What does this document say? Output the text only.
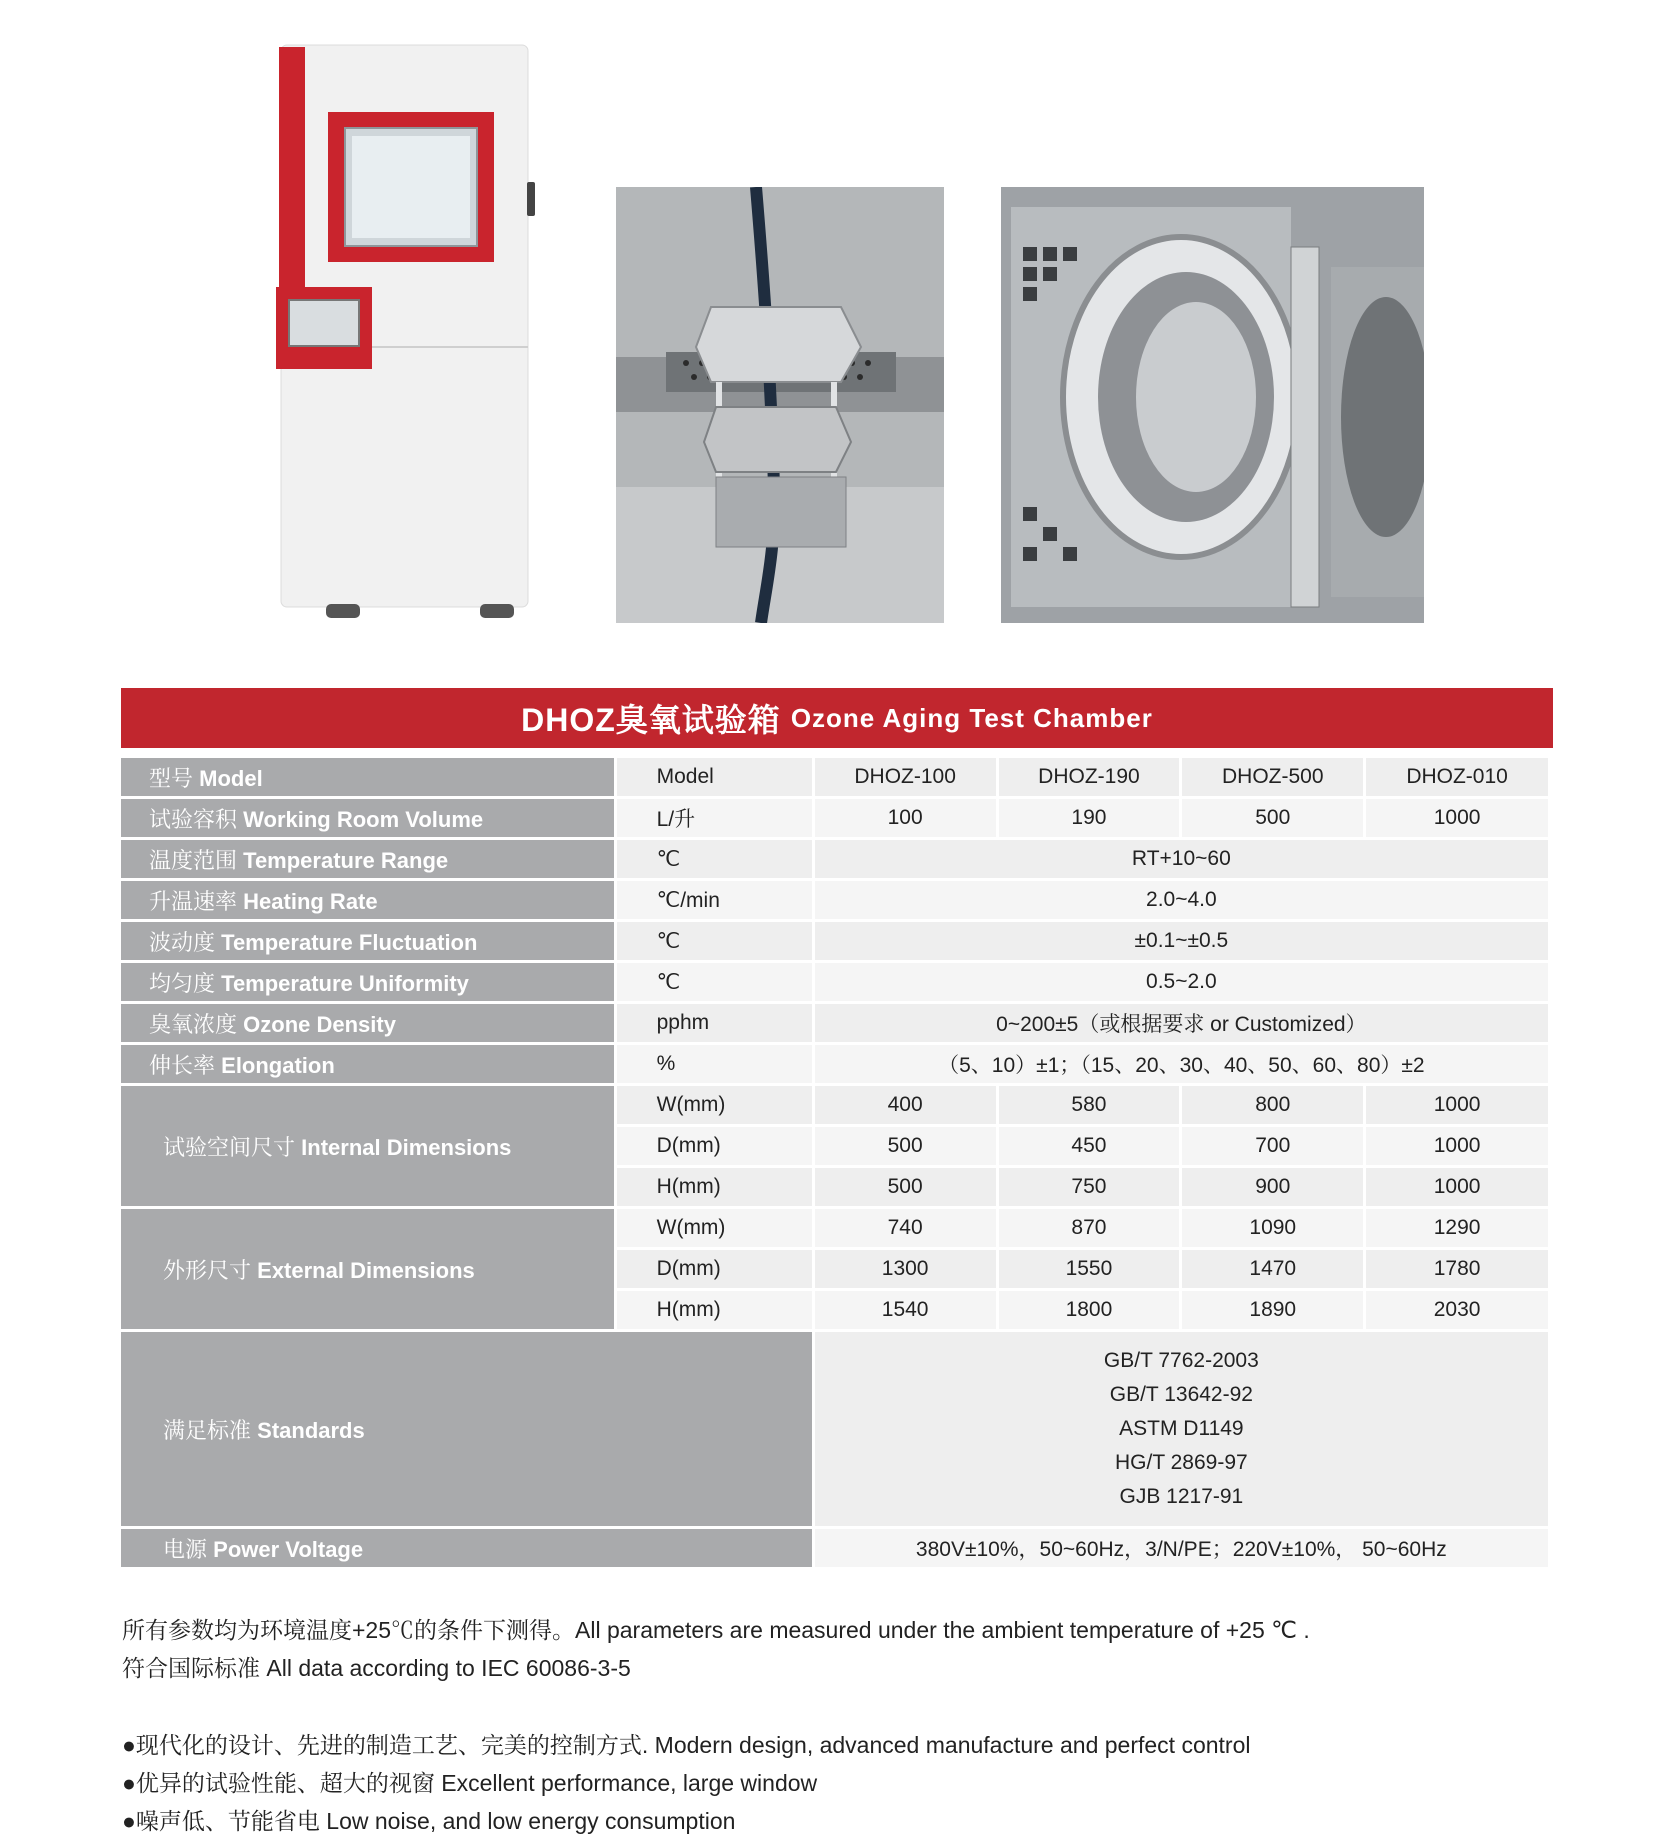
DHOZ臭氧试验箱 Ozone Aging Test Chamber
型号 Model	Model	DHOZ-100	DHOZ-190	DHOZ-500	DHOZ-010
试验容积 Working Room Volume	L/升	100	190	500	1000
温度范围 Temperature Range	℃	RT+10~60			
升温速率 Heating Rate	℃/min	2.0~4.0			
波动度 Temperature Fluctuation	℃	±0.1~±0.5			
均匀度 Temperature Uniformity	℃	0.5~2.0			
臭氧浓度 Ozone Density	pphm	0~200±5（或根据要求 or Customized）			
伸长率 Elongation	%	（5、10）±1；（15、20、30、40、50、60、80）±2			
试验空间尺寸 Internal Dimensions	W(mm)	400	580	800	1000
	D(mm)	500	450	700	1000
	H(mm)	500	750	900	1000
外形尺寸 External Dimensions	W(mm)	740	870	1090	1290
	D(mm)	1300	1550	1470	1780
	H(mm)	1540	1800	1890	2030
满足标准 Standards		GB/T 7762-2003
GB/T 13642-92
ASTM D1149
HG/T 2869-97
GJB 1217-91			

电源 Power Voltage		380V±10%，50~60Hz，3/N/PE；220V±10%， 50~60Hz			
所有参数均为环境温度+25℃的条件下测得。All parameters are measured under the ambient temperature of +25 ℃ .
符合国际标准 All data according to IEC 60086-3-5
●现代化的设计、先进的制造工艺、完美的控制方式. Modern design, advanced manufacture and perfect control
●优异的试验性能、超大的视窗 Excellent performance, large window
●噪声低、节能省电 Low noise, and low energy consumption
